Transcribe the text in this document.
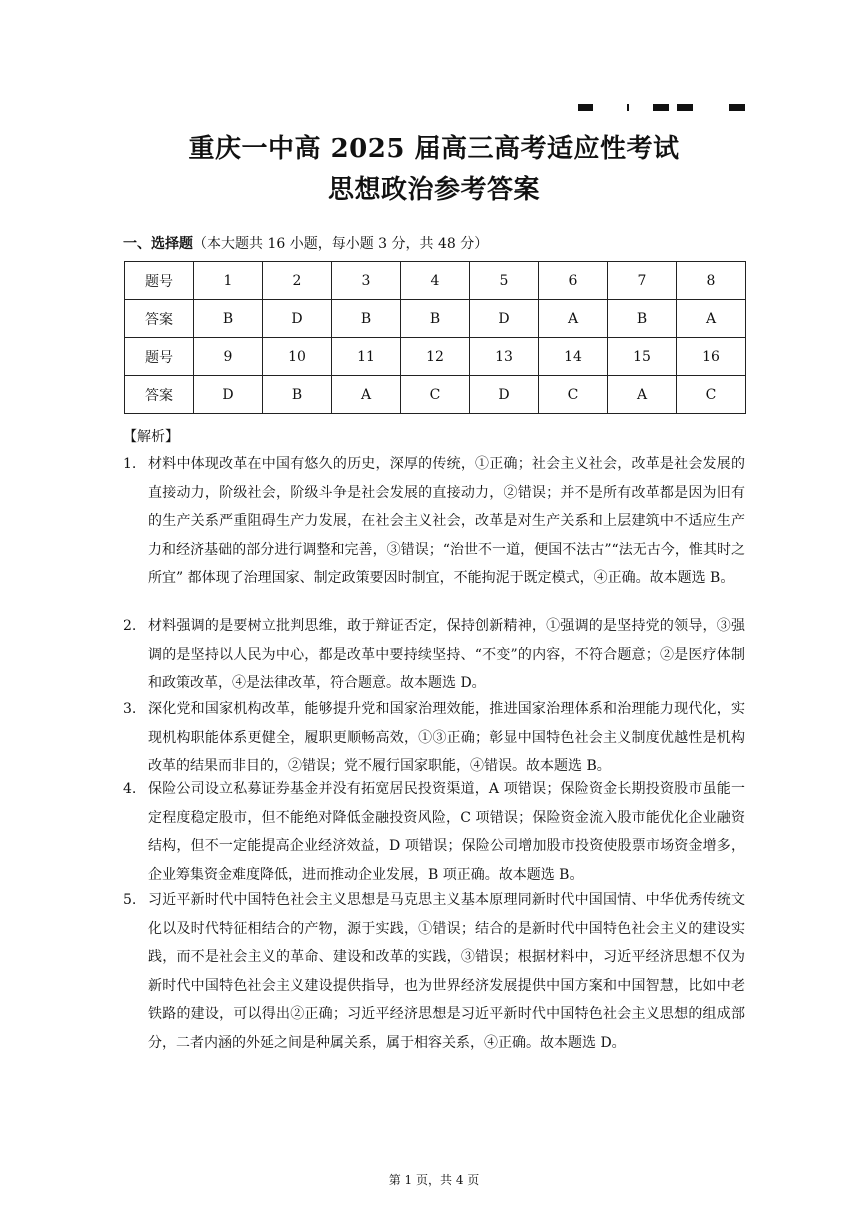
重庆一中高 2025 届高三高考适应性考试
思想政治参考答案
一、选择题（本大题共 16 小题，每小题 3 分，共 48 分）
题号	1	2	3	4	5	6	7	8
答案	B	D	B	B	D	A	B	A
题号	9	10	11	12	13	14	15	16
答案	D	B	A	C	D	C	A	C
【解析】
1. 材料中体现改革在中国有悠久的历史，深厚的传统，①正确；社会主义社会，改革是社会发展的直接动力，阶级社会，阶级斗争是社会发展的直接动力，②错误；并不是所有改革都是因为旧有的生产关系严重阻碍生产力发展，在社会主义社会，改革是对生产关系和上层建筑中不适应生产力和经济基础的部分进行调整和完善，③错误；“治世不一道，便国不法古”“法无古今，惟其时之所宜” 都体现了治理国家、制定政策要因时制宜，不能拘泥于既定模式，④正确。故本题选 B。
2. 材料强调的是要树立批判思维，敢于辩证否定，保持创新精神，①强调的是坚持党的领导，③强调的是坚持以人民为中心，都是改革中要持续坚持、“不变”的内容，不符合题意；②是医疗体制和政策改革，④是法律改革，符合题意。故本题选 D。
3. 深化党和国家机构改革，能够提升党和国家治理效能，推进国家治理体系和治理能力现代化，实现机构职能体系更健全，履职更顺畅高效，①③正确；彰显中国特色社会主义制度优越性是机构改革的结果而非目的，②错误；党不履行国家职能，④错误。故本题选 B。
4. 保险公司设立私募证券基金并没有拓宽居民投资渠道，A 项错误；保险资金长期投资股市虽能一定程度稳定股市，但不能绝对降低金融投资风险，C 项错误；保险资金流入股市能优化企业融资结构，但不一定能提高企业经济效益，D 项错误；保险公司增加股市投资使股票市场资金增多，企业筹集资金难度降低，进而推动企业发展，B 项正确。故本题选 B。
5. 习近平新时代中国特色社会主义思想是马克思主义基本原理同新时代中国国情、中华优秀传统文化以及时代特征相结合的产物，源于实践，①错误；结合的是新时代中国特色社会主义的建设实践，而不是社会主义的革命、建设和改革的实践，③错误；根据材料中，习近平经济思想不仅为新时代中国特色社会主义建设提供指导，也为世界经济发展提供中国方案和中国智慧，比如中老铁路的建设，可以得出②正确；习近平经济思想是习近平新时代中国特色社会主义思想的组成部分，二者内涵的外延之间是种属关系，属于相容关系，④正确。故本题选 D。
第 1 页，共 4 页
